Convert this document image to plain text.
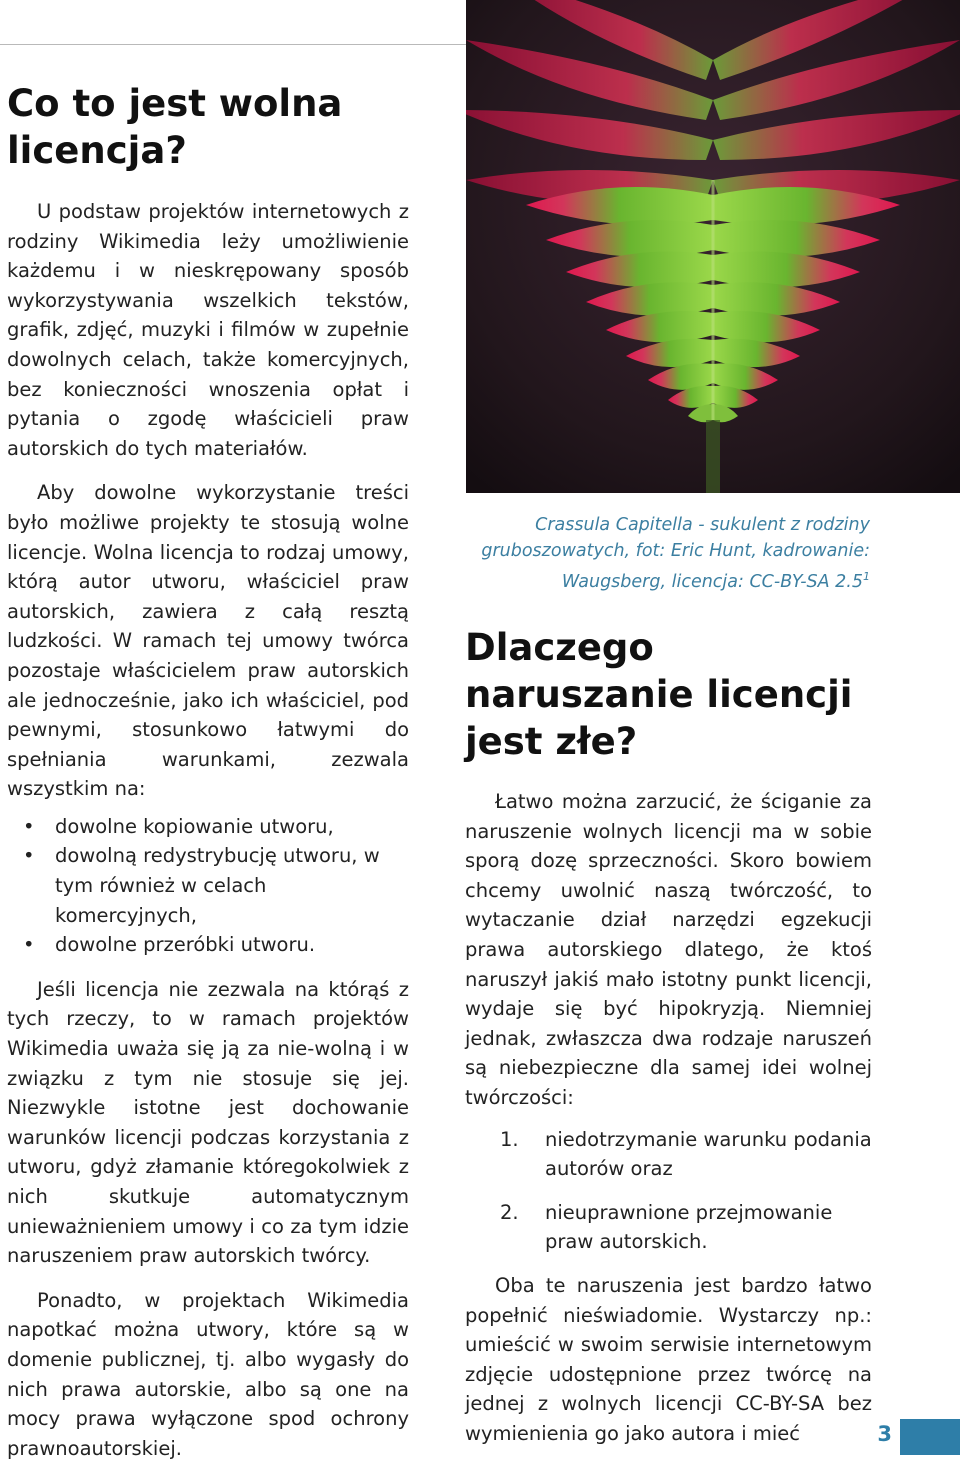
Co to jest wolna licencja?

U podstaw projektów internetowych z rodziny Wikimedia leży umożliwienie każdemu i w nieskrępowany sposób wykorzystywania wszelkich tekstów, grafik, zdjęć, muzyki i filmów w zupełnie dowolnych celach, także komercyjnych, bez konieczności wnoszenia opłat i pytania o zgodę właścicieli praw autorskich do tych materiałów.

Aby dowolne wykorzystanie treści było możliwe projekty te stosują wolne licencje. Wolna licencja to rodzaj umowy, którą autor utworu, właściciel praw autorskich, zawiera z całą resztą ludzkości. W ramach tej umowy twórca pozostaje właścicielem praw autorskich ale jednocześnie, jako ich właściciel, pod pewnymi, stosunkowo łatwymi do spełniania warunkami, zezwala wszystkim na:

• dowolne kopiowanie utworu,
• dowolną redystrybucję utworu, w tym również w celach komercyjnych,
• dowolne przeróbki utworu.

Jeśli licencja nie zezwala na którąś z tych rzeczy, to w ramach projektów Wikimedia uważa się ją za nie-wolną i w związku z tym nie stosuje się jej. Niezwykle istotne jest dochowanie warunków licencji podczas korzystania z utworu, gdyż złamanie któregokolwiek z nich skutkuje automatycznym unieważnieniem umowy i co za tym idzie naruszeniem praw autorskich twórcy.

Ponadto, w projektach Wikimedia napotkać można utwory, które są w domenie publicznej, tj. albo wygasły do nich prawa autorskie, albo są one na mocy prawa wyłączone spod ochrony prawnoautorskiej.

Crassula Capitella - sukulent z rodziny gruboszowatych, fot: Eric Hunt, kadrowanie: Waugsberg, licencja: CC-BY-SA $2.5^1$
Dlaczego naruszanie licencji jest złe?

Łatwo można zarzucić, że ściganie za naruszenie wolnych licencji ma w sobie sporą dozę sprzeczności. Skoro bowiem chcemy uwolnić naszą twórczość, to wytaczanie dział narzędzi egzekucji prawa autorskiego dlatego, że ktoś naruszył jakiś mało istotny punkt licencji, wydaje się być hipokryzją. Niemniej jednak, zwłaszcza dwa rodzaje naruszeń są niebezpieczne dla samej idei wolnej twórczości:

1. niedotrzymanie warunku podania autorów oraz
2. nieuprawnione przejmowanie praw autorskich.

Oba te naruszenia jest bardzo łatwo popełnić nieświadomie. Wystarczy np.: umieścić w swoim serwisie internetowym zdjęcie udostępnione przez twórcę na jednej z wolnych licencji CC-BY-SA bez wymienienia go jako autora i mieć	3
